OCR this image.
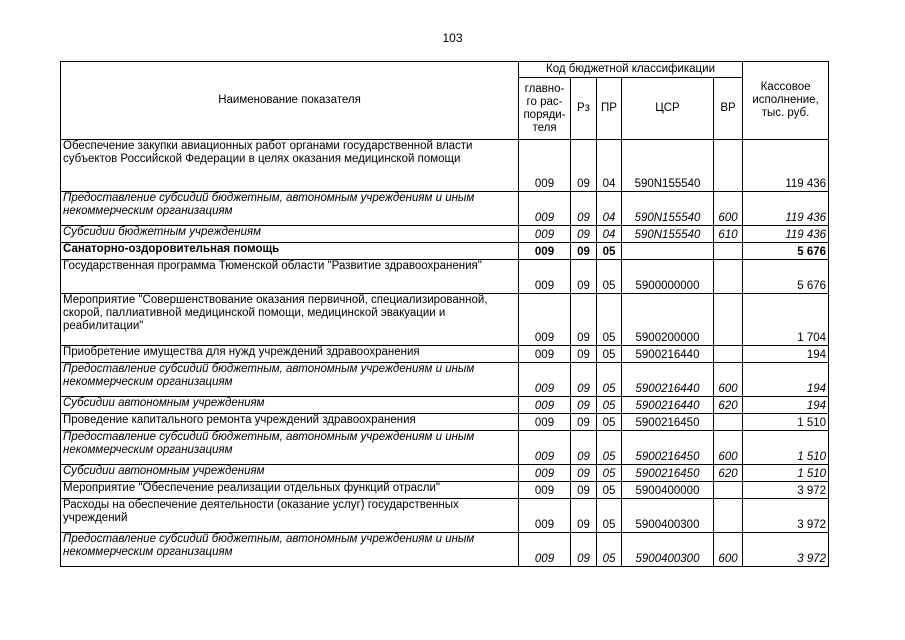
103
Наименование показателя	Код бюджетной классификации					Кассовое исполнение, тыс. руб.
	главно-го рас-поряди-теля	Рз	ПР	ЦСР	ВР	
Обеспечение закупки авиационных работ органами государственной власти субъектов Российской Федерации в целях оказания медицинской помощи	009	09	04	590N155540		119 436
Предоставление субсидий бюджетным, автономным учреждениям и иным некоммерческим организациям	009	09	04	590N155540	600	119 436
Субсидии бюджетным учреждениям	009	09	04	590N155540	610	119 436
Санаторно-оздоровительная помощь	009	09	05			5 676
Государственная программа Тюменской области "Развитие здравоохранения"	009	09	05	5900000000		5 676
Мероприятие "Совершенствование оказания первичной, специализированной, скорой, паллиативной медицинской помощи, медицинской эвакуации и реабилитации"	009	09	05	5900200000		1 704
Приобретение имущества для нужд учреждений здравоохранения	009	09	05	5900216440		194
Предоставление субсидий бюджетным, автономным учреждениям и иным некоммерческим организациям	009	09	05	5900216440	600	194
Субсидии автономным учреждениям	009	09	05	5900216440	620	194
Проведение капитального ремонта учреждений здравоохранения	009	09	05	5900216450		1 510
Предоставление субсидий бюджетным, автономным учреждениям и иным некоммерческим организациям	009	09	05	5900216450	600	1 510
Субсидии автономным учреждениям	009	09	05	5900216450	620	1 510
Мероприятие "Обеспечение реализации отдельных функций отрасли"	009	09	05	5900400000		3 972
Расходы на обеспечение деятельности (оказание услуг) государственных учреждений	009	09	05	5900400300		3 972
Предоставление субсидий бюджетным, автономным учреждениям и иным некоммерческим организациям	009	09	05	5900400300	600	3 972
